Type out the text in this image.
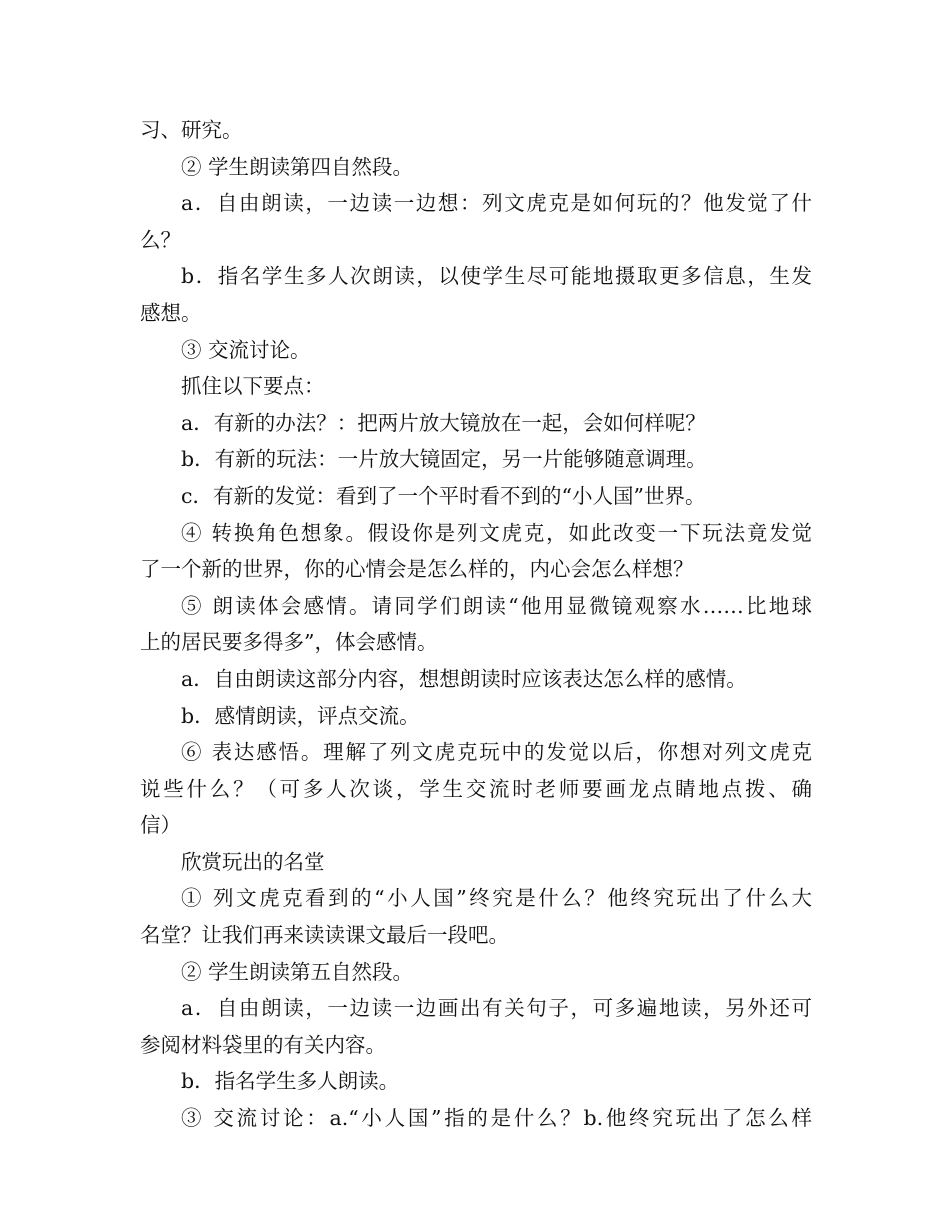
习、研究。
② 学生朗读第四自然段。
a．自由朗读，一边读一边想：列文虎克是如何玩的？他发觉了什
么？
b．指名学生多人次朗读，以使学生尽可能地摄取更多信息，生发
感想。
③ 交流讨论。
抓住以下要点：
a．有新的办法？：把两片放大镜放在一起，会如何样呢？
b．有新的玩法：一片放大镜固定，另一片能够随意调理。
c．有新的发觉：看到了一个平时看不到的“小人国”世界。
④ 转换角色想象。假设你是列文虎克，如此改变一下玩法竟发觉
了一个新的世界，你的心情会是怎么样的，内心会怎么样想？
⑤ 朗读体会感情。请同学们朗读“他用显微镜观察水……比地球
上的居民要多得多”，体会感情。
a．自由朗读这部分内容，想想朗读时应该表达怎么样的感情。
b．感情朗读，评点交流。
⑥ 表达感悟。理解了列文虎克玩中的发觉以后，你想对列文虎克
说些什么？（可多人次谈，学生交流时老师要画龙点睛地点拨、确
信）
欣赏玩出的名堂
① 列文虎克看到的“小人国”终究是什么？他终究玩出了什么大
名堂？让我们再来读读课文最后一段吧。
② 学生朗读第五自然段。
a．自由朗读，一边读一边画出有关句子，可多遍地读，另外还可
参阅材料袋里的有关内容。
b．指名学生多人朗读。
③ 交流讨论：a.“小人国”指的是什么？b.他终究玩出了怎么样
